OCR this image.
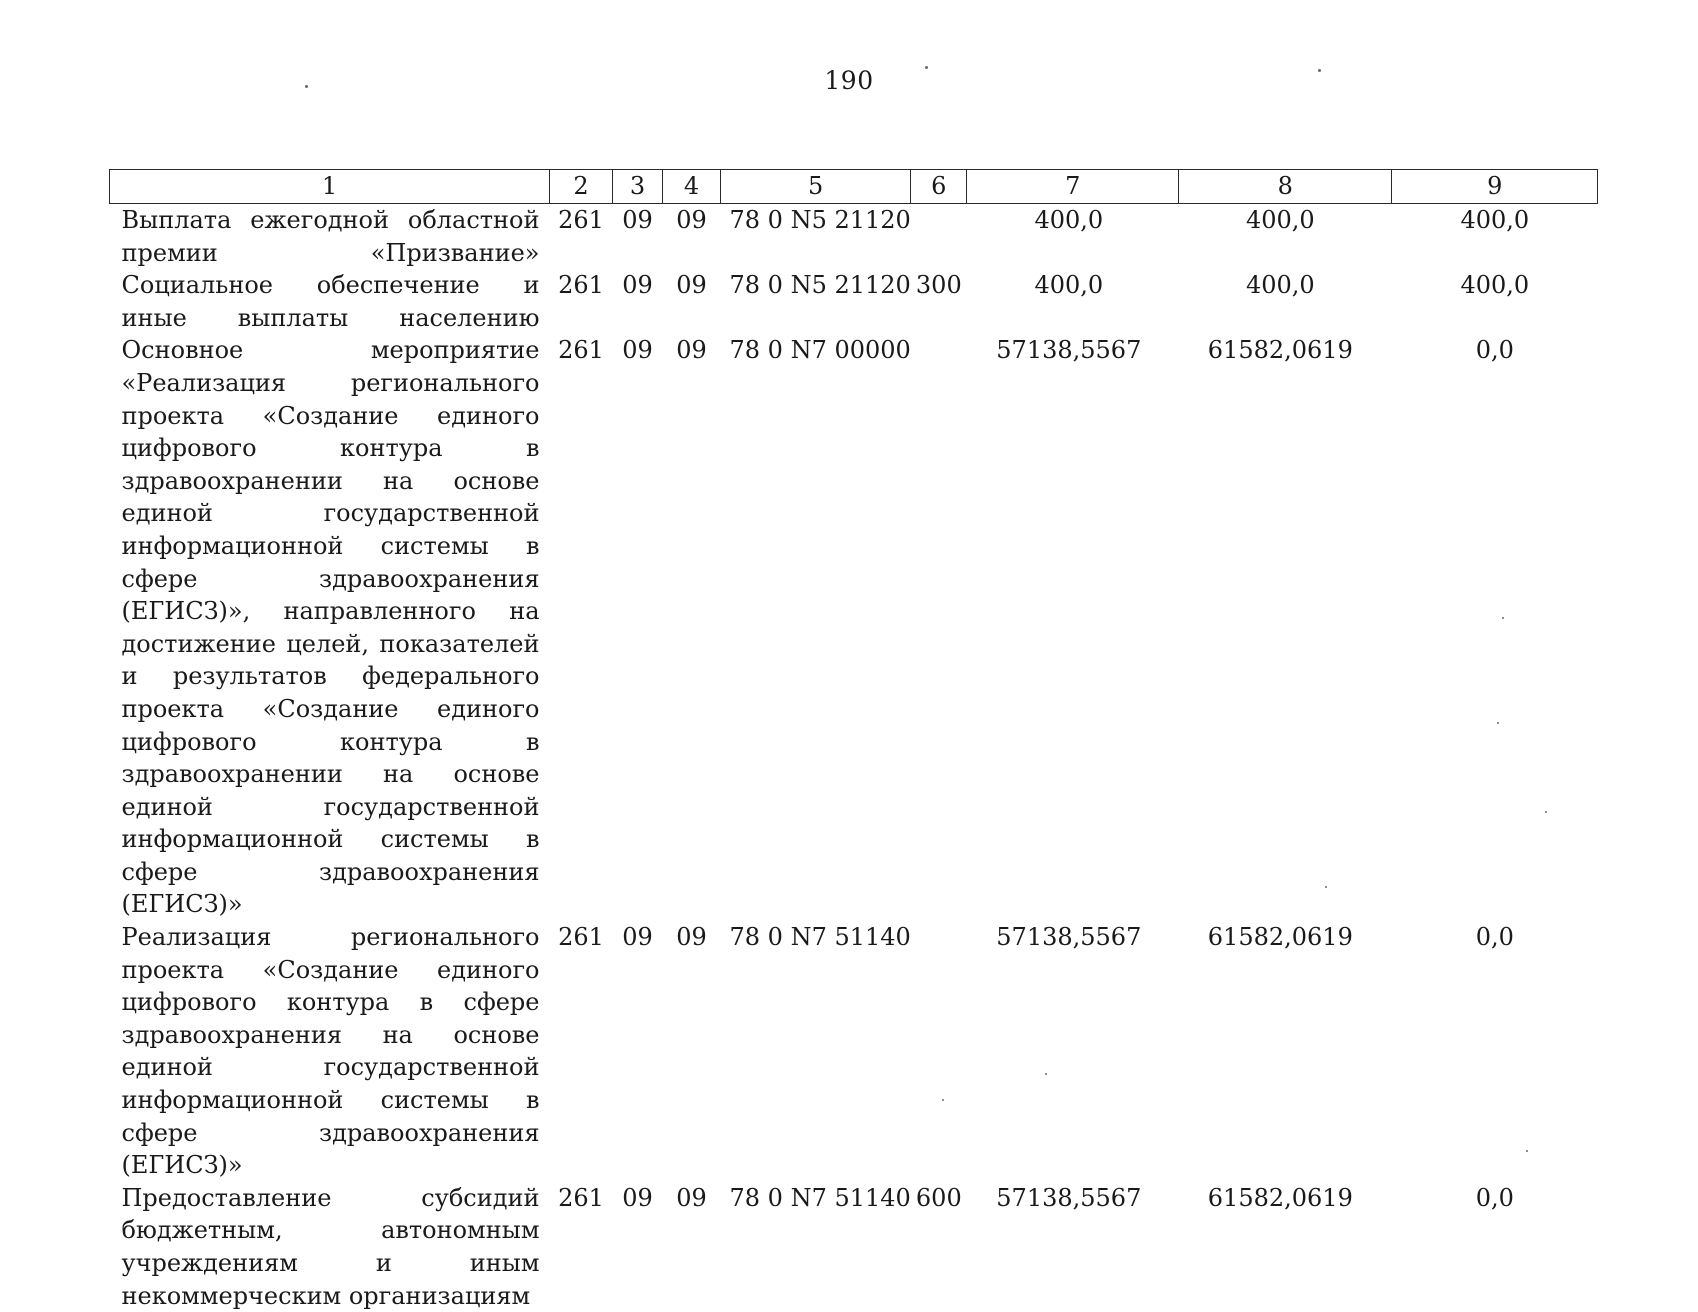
190
1	2	3	4	5	6	7	8	9
Выплата ежегодной областной премии «Призвание»	261	09	09	78 0 N5 21120		400,0	400,0	400,0
Социальное обеспечение и иные выплаты населению	261	09	09	78 0 N5 21120	300	400,0	400,0	400,0
Основное мероприятие «Реализация регионального проекта «Создание единого цифрового контура в здравоохранении на основе единой государственной информационной системы в сфере здравоохранения (ЕГИСЗ)», направленного на достижение целей, показателей и результатов федерального проекта «Создание единого цифрового контура в здравоохранении на основе единой государственной информационной системы в сфере здравоохранения (ЕГИСЗ)»	261	09	09	78 0 N7 00000		57138,5567	61582,0619	0,0
Реализация регионального проекта «Создание единого цифрового контура в сфере здравоохранения на основе единой государственной информационной системы в сфере здравоохранения (ЕГИСЗ)»	261	09	09	78 0 N7 51140		57138,5567	61582,0619	0,0
Предоставление субсидий бюджетным, автономным учреждениям и иным некоммерческим организациям	261	09	09	78 0 N7 51140	600	57138,5567	61582,0619	0,0
